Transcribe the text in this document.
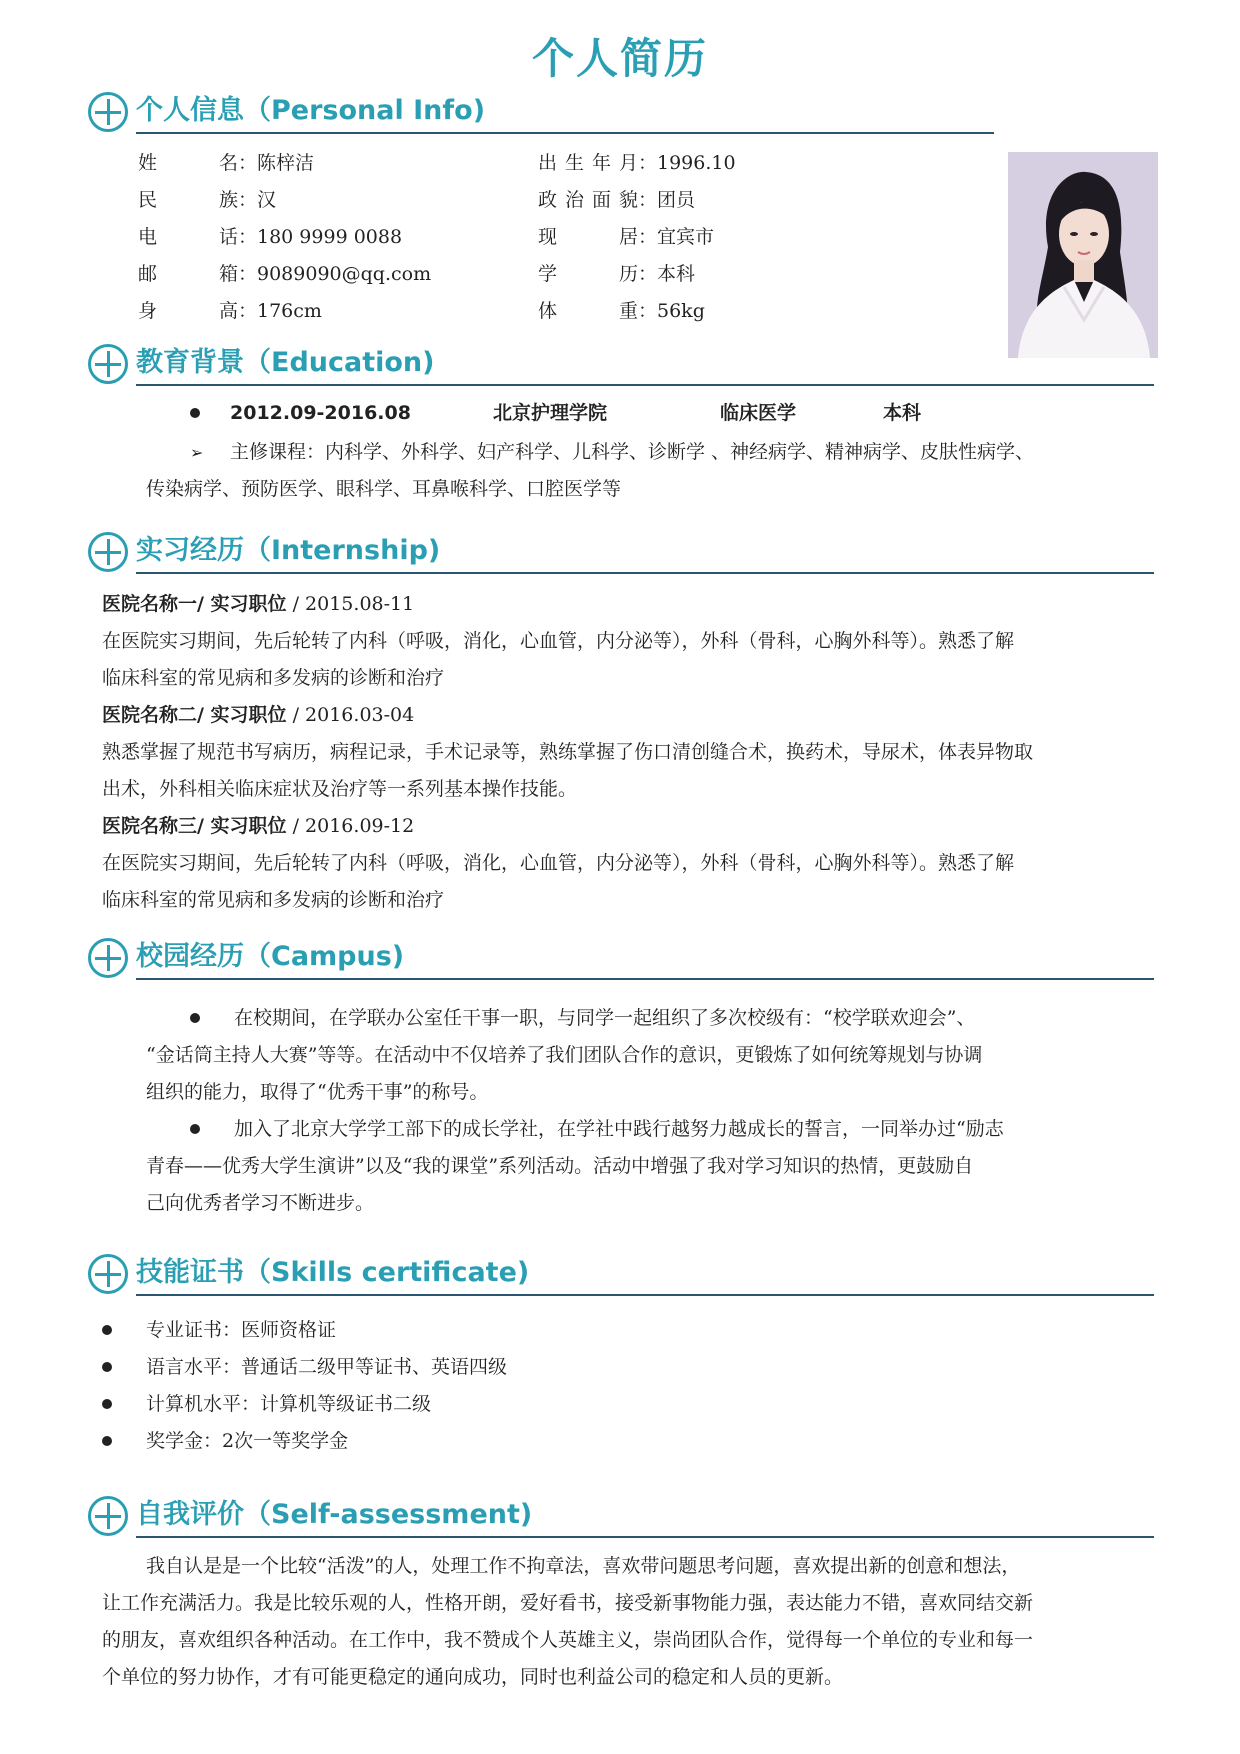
个人简历
个人信息（Personal Info)
姓名：陈梓洁	出生年月：1996.10
民族：汉	政治面貌：团员
电话：180 9999 0088	现居：宜宾市
邮箱：9089090@qq.com	学历：本科
身高：176cm	体重：56kg
教育背景（Education)
2012.09-2016.08	北京护理学院	临床医学	本科
➢ 主修课程：内科学、外科学、妇产科学、儿科学、诊断学 、神经病学、精神病学、皮肤性病学、
传染病学、预防医学、眼科学、耳鼻喉科学、口腔医学等
实习经历（Internship)
医院名称一/ 实习职位 / 2015.08-11
在医院实习期间，先后轮转了内科（呼吸，消化，心血管，内分泌等），外科（骨科，心胸外科等）。熟悉了解
临床科室的常见病和多发病的诊断和治疗
医院名称二/ 实习职位 / 2016.03-04
熟悉掌握了规范书写病历，病程记录，手术记录等，熟练掌握了伤口清创缝合术，换药术，导尿术，体表异物取
出术，外科相关临床症状及治疗等一系列基本操作技能。
医院名称三/ 实习职位 / 2016.09-12
在医院实习期间，先后轮转了内科（呼吸，消化，心血管，内分泌等），外科（骨科，心胸外科等）。熟悉了解
临床科室的常见病和多发病的诊断和治疗
校园经历（Campus)
在校期间，在学联办公室任干事一职，与同学一起组织了多次校级有：“校学联欢迎会”、
“金话筒主持人大赛”等等。在活动中不仅培养了我们团队合作的意识，更锻炼了如何统筹规划与协调
组织的能力，取得了“优秀干事”的称号。
加入了北京大学学工部下的成长学社，在学社中践行越努力越成长的誓言，一同举办过“励志
青春——优秀大学生演讲”以及“我的课堂”系列活动。活动中增强了我对学习知识的热情，更鼓励自
己向优秀者学习不断进步。
技能证书（Skills certificate)
专业证书：医师资格证
语言水平：普通话二级甲等证书、英语四级
计算机水平：计算机等级证书二级
奖学金：2次一等奖学金
自我评价（Self-assessment)
我自认是是一个比较“活泼”的人，处理工作不拘章法，喜欢带问题思考问题，喜欢提出新的创意和想法，
让工作充满活力。我是比较乐观的人，性格开朗，爱好看书，接受新事物能力强，表达能力不错，喜欢同结交新
的朋友，喜欢组织各种活动。在工作中，我不赞成个人英雄主义，崇尚团队合作，觉得每一个单位的专业和每一
个单位的努力协作，才有可能更稳定的通向成功，同时也利益公司的稳定和人员的更新。
